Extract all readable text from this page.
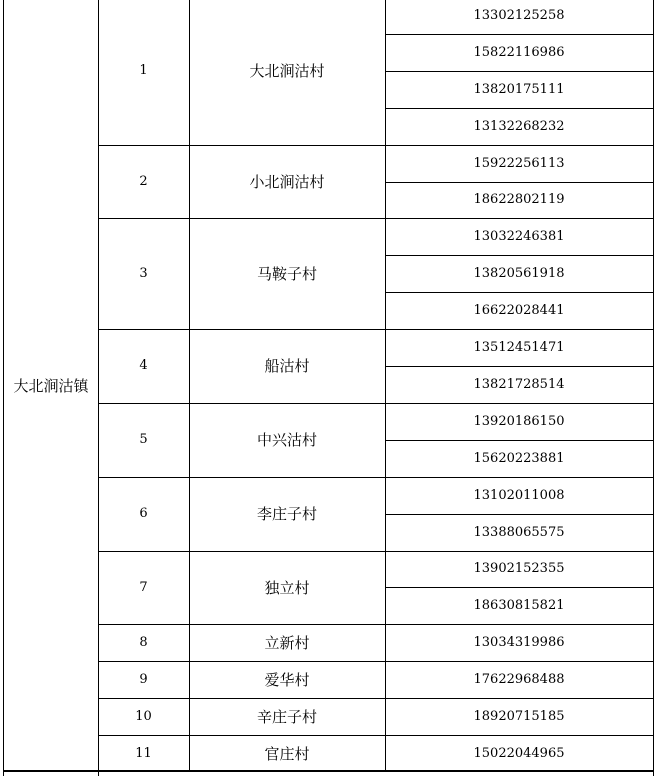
大北涧沽镇
1	大北涧沽村
13302125258
15822116986
13820175111
13132268232
2	小北涧沽村
15922256113
18622802119
3	马鞍子村
13032246381
13820561918
16622028441
4	船沽村
13512451471
13821728514
5	中兴沽村
13920186150
15620223881
6	李庄子村
13102011008
13388065575
7	独立村
13902152355
18630815821
8	立新村	13034319986
9	爱华村	17622968488
10	辛庄子村	18920715185
11	官庄村	15022044965
